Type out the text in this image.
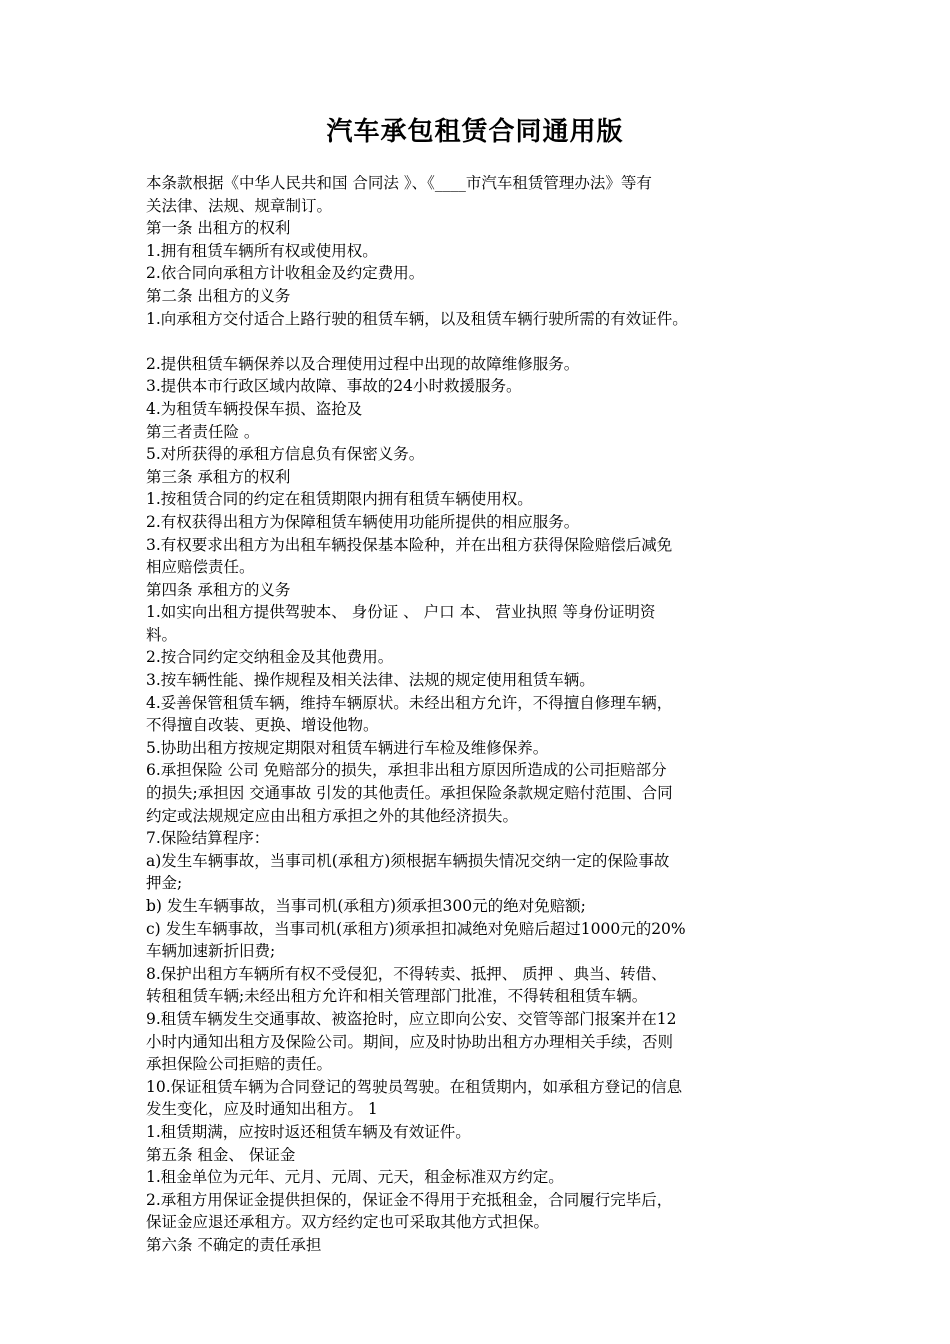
汽车承包租赁合同通用版
本条款根据《中华人民共和国 合同法 》、《____市汽车租赁管理办法》等有
关法律、法规、规章制订。
第一条 出租方的权利
1.拥有租赁车辆所有权或使用权。
2.依合同向承租方计收租金及约定费用。
第二条 出租方的义务
1.向承租方交付适合上路行驶的租赁车辆，以及租赁车辆行驶所需的有效证件。
2.提供租赁车辆保养以及合理使用过程中出现的故障维修服务。
3.提供本市行政区域内故障、事故的24小时救援服务。
4.为租赁车辆投保车损、盗抢及
第三者责任险 。
5.对所获得的承租方信息负有保密义务。
第三条 承租方的权利
1.按租赁合同的约定在租赁期限内拥有租赁车辆使用权。
2.有权获得出租方为保障租赁车辆使用功能所提供的相应服务。
3.有权要求出租方为出租车辆投保基本险种，并在出租方获得保险赔偿后减免
相应赔偿责任。
第四条 承租方的义务
1.如实向出租方提供驾驶本、 身份证 、 户口 本、 营业执照 等身份证明资
料。
2.按合同约定交纳租金及其他费用。
3.按车辆性能、操作规程及相关法律、法规的规定使用租赁车辆。
4.妥善保管租赁车辆，维持车辆原状。未经出租方允许，不得擅自修理车辆，
不得擅自改装、更换、增设他物。
5.协助出租方按规定期限对租赁车辆进行车检及维修保养。
6.承担保险 公司 免赔部分的损失，承担非出租方原因所造成的公司拒赔部分
的损失;承担因 交通事故 引发的其他责任。承担保险条款规定赔付范围、合同
约定或法规规定应由出租方承担之外的其他经济损失。
7.保险结算程序：
a)发生车辆事故，当事司机(承租方)须根据车辆损失情况交纳一定的保险事故
押金;
b) 发生车辆事故，当事司机(承租方)须承担300元的绝对免赔额;
c) 发生车辆事故，当事司机(承租方)须承担扣减绝对免赔后超过1000元的20%
车辆加速新折旧费;
8.保护出租方车辆所有权不受侵犯，不得转卖、抵押、 质押 、典当、转借、
转租租赁车辆;未经出租方允许和相关管理部门批准，不得转租租赁车辆。
9.租赁车辆发生交通事故、被盗抢时，应立即向公安、交管等部门报案并在12
小时内通知出租方及保险公司。期间，应及时协助出租方办理相关手续，否则
承担保险公司拒赔的责任。
10.保证租赁车辆为合同登记的驾驶员驾驶。在租赁期内，如承租方登记的信息
发生变化，应及时通知出租方。 1
1.租赁期满，应按时返还租赁车辆及有效证件。
第五条 租金、 保证金
1.租金单位为元年、元月、元周、元天，租金标准双方约定。
2.承租方用保证金提供担保的，保证金不得用于充抵租金，合同履行完毕后，
保证金应退还承租方。双方经约定也可采取其他方式担保。
第六条 不确定的责任承担
